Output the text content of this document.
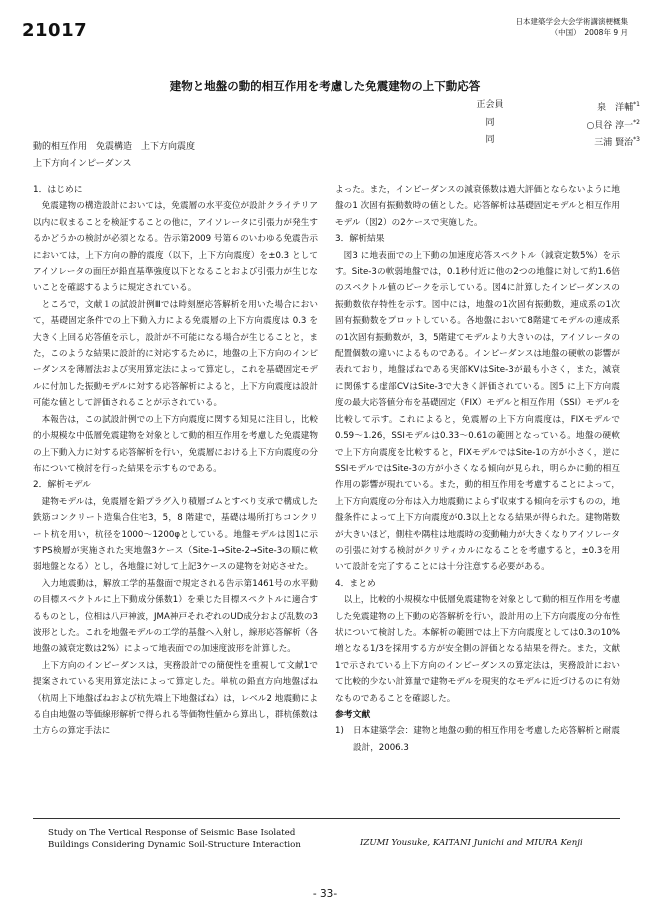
21017	日本建築学会大会学術講演梗概集
（中国）　2008年 9 月
建物と地盤の動的相互作用を考慮した免震建物の上下動応答
正会員	泉　洋輔$^{*1}$
同	○貝谷 淳一$^{*2}$
同	三浦 賢治$^{*3}$
動的相互作用　免震構造　上下方向震度
上下方向インピーダンス
1．はじめに

免震建物の構造設計においては，免震層の水平変位が設計クライテリア以内に収まることを検証することの他に，アイソレータに引張力が発生するかどうかの検討が必須となる。告示第2009 号第６のいわゆる免震告示においては，上下方向の静的震度（以下，上下方向震度）を±0.3 としてアイソレータの面圧が鉛直基準強度以下となることおよび引張力が生じないことを確認するように規定されている。

ところで，文献１の試設計例Ⅲでは時刻歴応答解析を用いた場合において，基礎固定条件での上下動入力による免震層の上下方向震度は 0.3 を大きく上回る応答値を示し，設計が不可能になる場合が生じることと，また，このような結果に設計的に対応するために，地盤の上下方向のインピーダンスを薄層法および実用算定法によって算定し，これを基礎固定モデルに付加した振動モデルに対する応答解析によると，上下方向震度は設計可能な値として評価されることが示されている。

本報告は，この試設計例での上下方向震度に関する知見に注目し，比較的小規模な中低層免震建物を対象として動的相互作用を考慮した免震建物の上下動入力に対する応答解析を行い，免震層における上下方向震度の分布について検討を行った結果を示すものである。

2．解析モデル

建物モデルは，免震層を鉛プラグ入り積層ゴムとすべり支承で構成した鉄筋コンクリート造集合住宅3，5，8 階建で，基礎は場所打ちコンクリート杭を用い，杭径を1000～1200φとしている。地盤モデルは図1に示すPS検層が実施された実地盤3ケース（Site-1→Site-2→Site-3の順に軟弱地盤となる）とし，各地盤に対して上記3ケースの建物を対応させた。

入力地震動は，解放工学的基盤面で規定される告示第1461号の水平動の目標スペクトルに上下動成分係数1）を乗じた目標スペクトルに適合するものとし，位相は八戸神波，JMA神戸それぞれのUD成分および乱数の3波形とした。これを地盤モデルの工学的基盤へ入射し，線形応答解析（各地盤の減衰定数は2%）によって地表面での加速度波形を計算した。

上下方向のインピーダンスは，実務設計での簡便性を重視して文献1で提案されている実用算定法によって算定した。単杭の鉛直方向地盤ばね（杭周上下地盤ばねおよび杭先端上下地盤ばね）は，レベル2 地震動による自由地盤の等価線形解析で得られる等価物性値から算出し，群杭係数は土方らの算定手法に

よった。また，インピーダンスの減衰係数は過大評価とならないように地盤の1 次固有振動数時の値とした。応答解析は基礎固定モデルと相互作用モデル（図2）の2ケースで実施した。

3．解析結果

図3 に地表面での上下動の加速度応答スペクトル（減衰定数5%）を示す。Site-3の軟弱地盤では，0.1秒付近に他の2つの地盤に対して約1.6倍のスペクトル値のピークを示している。図4に計算したインピーダンスの振動数依存特性を示す。図中には，地盤の1次固有振動数，連成系の1次固有振動数をプロットしている。各地盤において8階建てモデルの連成系の1次固有振動数が，3，5階建てモデルより大きいのは，アイソレータの配置個数の違いによるものである。インピーダンスは地盤の硬軟の影響が表れており，地盤ばねである実部KVはSite-3が最も小さく，また，減衰に関係する虚部CVはSite-3で大きく評価されている。図5 に上下方向震度の最大応答値分布を基礎固定（FIX）モデルと相互作用（SSI）モデルを比較して示す。これによると，免震層の上下方向震度は，FIXモデルで0.59～1.26，SSIモデルは0.33～0.61の範囲となっている。地盤の硬軟で上下方向震度を比較すると，FIXモデルではSite-1の方が小さく，逆にSSIモデルではSite-3の方が小さくなる傾向が見られ，明らかに動的相互作用の影響が現れている。また，動的相互作用を考慮することによって，上下方向震度の分布は入力地震動によらず収束する傾向を示すものの，地盤条件によって上下方向震度が0.3以上となる結果が得られた。建物階数が大きいほど，側柱や隅柱は地震時の変動軸力が大きくなりアイソレータの引張に対する検討がクリティカルになることを考慮すると，±0.3を用いて設計を完了することには十分注意する必要がある。

4．まとめ

以上，比較的小規模な中低層免震建物を対象として動的相互作用を考慮した免震建物の上下動の応答解析を行い，設計用の上下方向震度の分布性状について検討した。本解析の範囲では上下方向震度としては0.3の10%増となる1/3を採用する方が安全側の評価となる結果を得た。また，文献1で示されている上下方向のインピーダンスの算定法は，実務設計において比較的少ない計算量で建物モデルを現実的なモデルに近づけるのに有効なものであることを確認した。

参考文献
1)	日本建築学会：建物と地盤の動的相互作用を考慮した応答解析と耐震設計，2006.3
Study on The Vertical Response of Seismic Base Isolated
Buildings Considering Dynamic Soil-Structure Interaction	IZUMI Yousuke, KAITANI Junichi and MIURA Kenji
- 33-
